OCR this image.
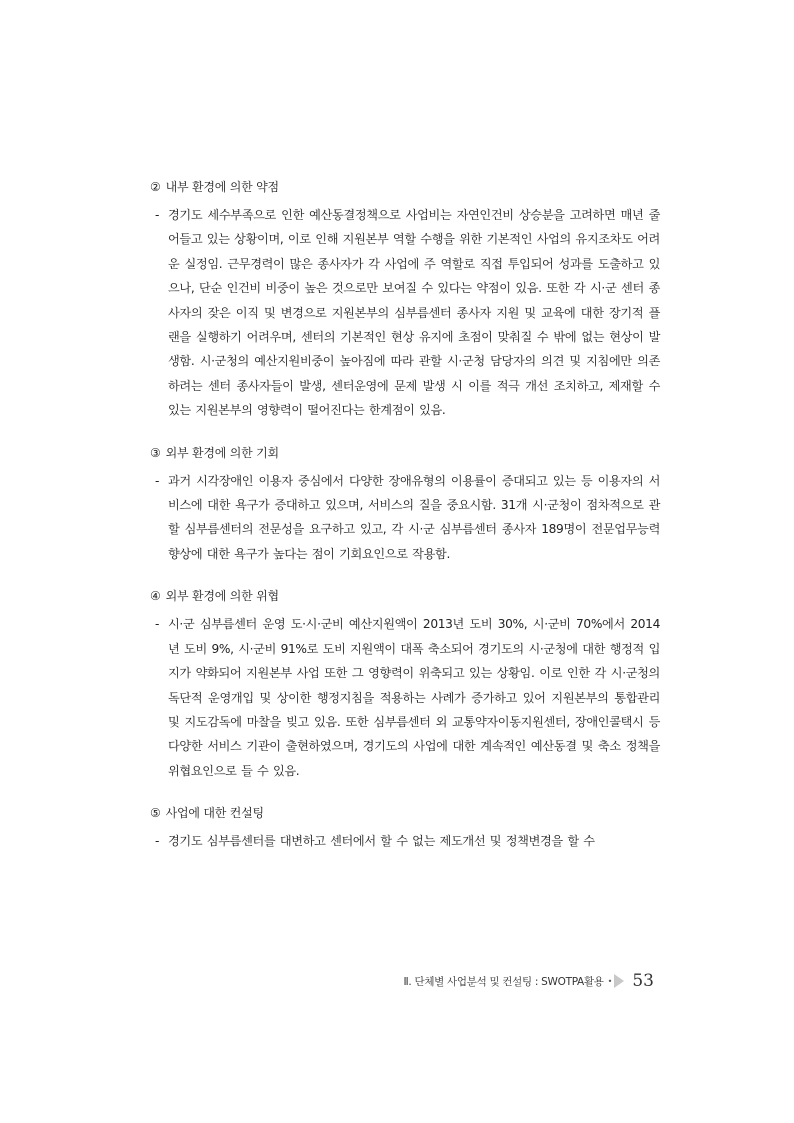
② 내부 환경에 의한 약점

- 경기도 세수부족으로 인한 예산동결정책으로 사업비는 자연인건비 상승분을 고려하면 매년 줄어들고 있는 상황이며, 이로 인해 지원본부 역할 수행을 위한 기본적인 사업의 유지조차도 어려운 실정임. 근무경력이 많은 종사자가 각 사업에 주 역할로 직접 투입되어 성과를 도출하고 있으나, 단순 인건비 비중이 높은 것으로만 보여질 수 있다는 약점이 있음. 또한 각 시·군 센터 종사자의 잦은 이직 및 변경으로 지원본부의 심부름센터 종사자 지원 및 교육에 대한 장기적 플랜을 실행하기 어려우며, 센터의 기본적인 현상 유지에 초점이 맞춰질 수 밖에 없는 현상이 발생함. 시·군청의 예산지원비중이 높아짐에 따라 관할 시·군청 담당자의 의견 및 지침에만 의존하려는 센터 종사자들이 발생, 센터운영에 문제 발생 시 이를 적극 개선 조치하고, 제재할 수 있는 지원본부의 영향력이 떨어진다는 한계점이 있음.

③ 외부 환경에 의한 기회

- 과거 시각장애인 이용자 중심에서 다양한 장애유형의 이용률이 증대되고 있는 등 이용자의 서비스에 대한 욕구가 증대하고 있으며, 서비스의 질을 중요시함. 31개 시·군청이 점차적으로 관할 심부름센터의 전문성을 요구하고 있고, 각 시·군 심부름센터 종사자 189명이 전문업무능력 향상에 대한 욕구가 높다는 점이 기회요인으로 작용함.

④ 외부 환경에 의한 위협

- 시·군 심부름센터 운영 도·시·군비 예산지원액이 2013년 도비 30%, 시·군비 70%에서 2014년 도비 9%, 시·군비 91%로 도비 지원액이 대폭 축소되어 경기도의 시·군청에 대한 행정적 입지가 약화되어 지원본부 사업 또한 그 영향력이 위축되고 있는 상황임. 이로 인한 각 시·군청의 독단적 운영개입 및 상이한 행정지침을 적용하는 사례가 증가하고 있어 지원본부의 통합관리 및 지도감독에 마찰을 빚고 있음. 또한 심부름센터 외 교통약자이동지원센터, 장애인콜택시 등 다양한 서비스 기관이 출현하였으며, 경기도의 사업에 대한 계속적인 예산동결 및 축소 정책을 위협요인으로 들 수 있음.

⑤ 사업에 대한 컨설팅

- 경기도 심부름센터를 대변하고 센터에서 할 수 없는 제도개선 및 정책변경을 할 수

Ⅱ. 단체별 사업분석 및 컨설팅 : SWOTPA활용 • 53
